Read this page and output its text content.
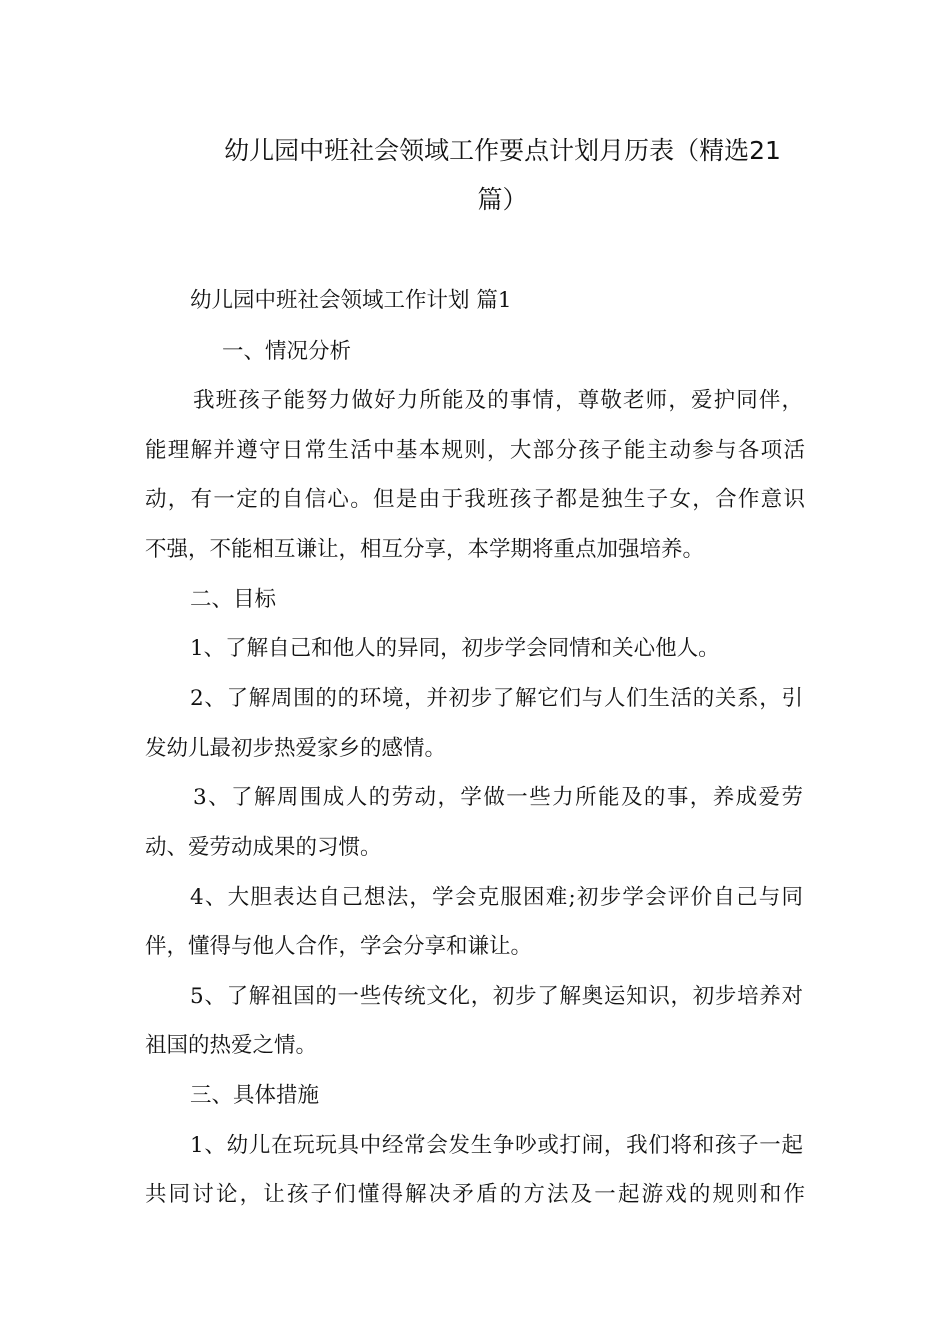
幼儿园中班社会领域工作要点计划月历表（精选21
篇）
幼儿园中班社会领域工作计划 篇1
一、情况分析
我班孩子能努力做好力所能及的事情，尊敬老师，爱护同伴，
能理解并遵守日常生活中基本规则，大部分孩子能主动参与各项活
动，有一定的自信心。但是由于我班孩子都是独生子女，合作意识
不强，不能相互谦让，相互分享，本学期将重点加强培养。
二、目标
1、了解自己和他人的异同，初步学会同情和关心他人。
2、了解周围的的环境，并初步了解它们与人们生活的关系，引
发幼儿最初步热爱家乡的感情。
3、了解周围成人的劳动，学做一些力所能及的事，养成爱劳
动、爱劳动成果的习惯。
4、大胆表达自己想法，学会克服困难;初步学会评价自己与同
伴，懂得与他人合作，学会分享和谦让。
5、了解祖国的一些传统文化，初步了解奥运知识，初步培养对
祖国的热爱之情。
三、具体措施
1、幼儿在玩玩具中经常会发生争吵或打闹，我们将和孩子一起
共同讨论，让孩子们懂得解决矛盾的方法及一起游戏的规则和作
